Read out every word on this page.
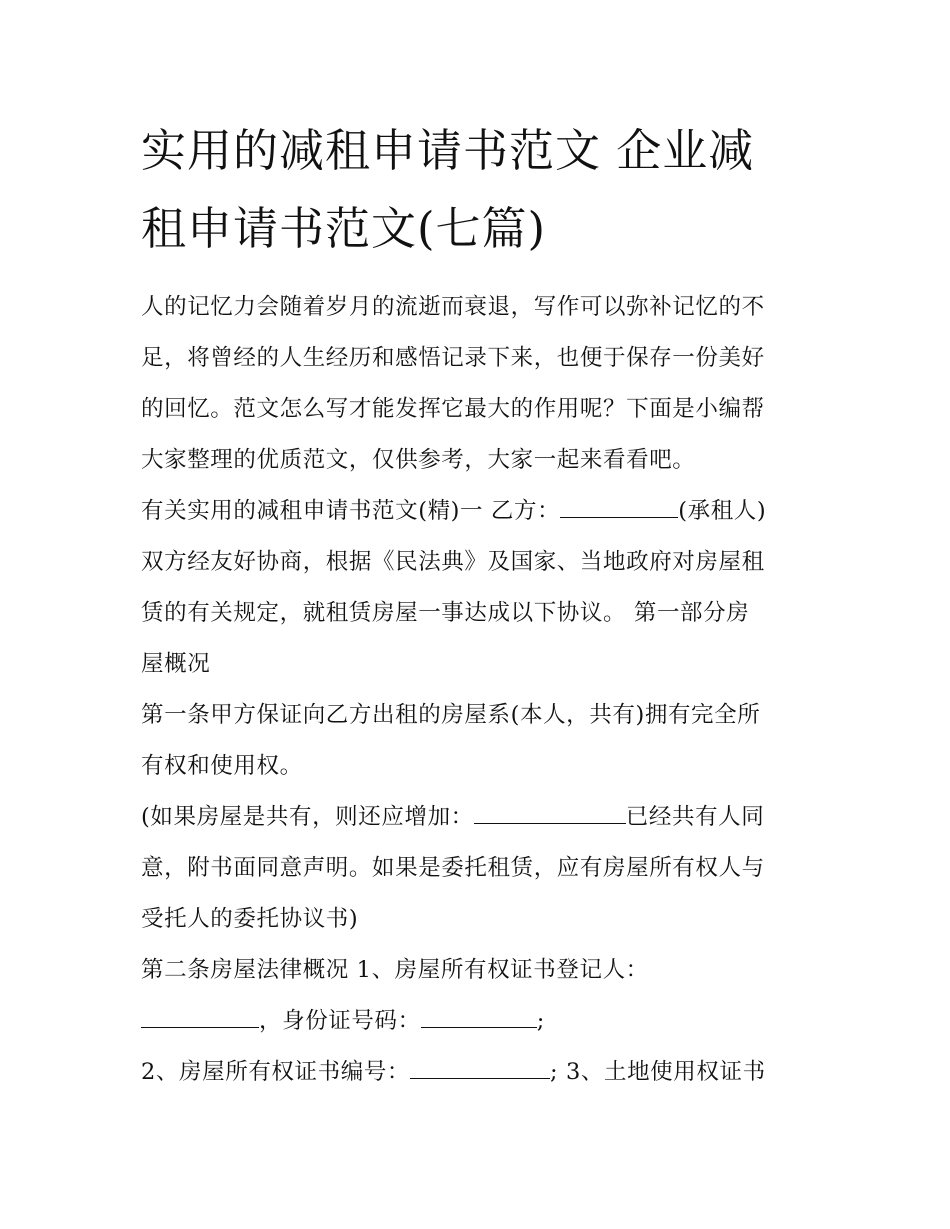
实用的减租申请书范文 企业减
租申请书范文(七篇)

人的记忆力会随着岁月的流逝而衰退，写作可以弥补记忆的不
足，将曾经的人生经历和感悟记录下来，也便于保存一份美好
的回忆。范文怎么写才能发挥它最大的作用呢？下面是小编帮
大家整理的优质范文，仅供参考，大家一起来看看吧。

有关实用的减租申请书范文(精)一 乙方：	(承租人)
双方经友好协商，根据《民法典》及国家、当地政府对房屋租
赁的有关规定，就租赁房屋一事达成以下协议。 第一部分房
屋概况

第一条甲方保证向乙方出租的房屋系(本人，共有)拥有完全所
有权和使用权。

(如果房屋是共有，则还应增加：	已经共有人同
意，附书面同意声明。如果是委托租赁，应有房屋所有权人与
受托人的委托协议书)

第二条房屋法律概况 1、房屋所有权证书登记人：
，身份证号码：	;
2、房屋所有权证书编号：	; 3、土地使用权证书
